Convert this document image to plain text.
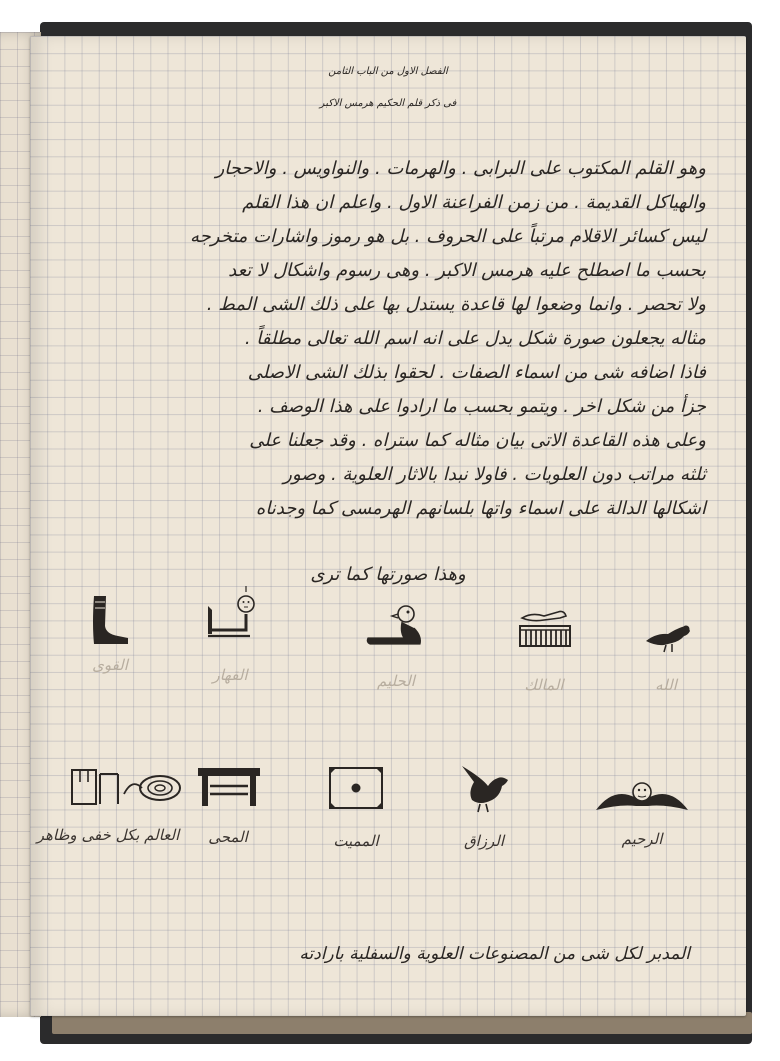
الفصل الاول من الباب الثامن
فى ذكر قلم الحكيم هرمس الاكبر
وهو القلم المكتوب على البرابى . والهرمات . والنواويس . والاحجار
والهياكل القديمة . من زمن الفراعنة الاول . واعلم ان هذا القلم
ليس كسائر الاقلام مرتباً على الحروف . بل هو رموز واشارات متخرجه
بحسب ما اصطلح عليه هرمس الاكبر . وهى رسوم واشكال لا تعد
ولا تحصر . وانما وضعوا لها قاعدة يستدل بها على ذلك الشى المط .
مثاله يجعلون صورة شكل يدل على انه اسم الله تعالى مطلقاً .
فاذا اضافه شى من اسماء الصفات . لحقوا بذلك الشى الاصلى
جزأ من شكل اخر . ويتمو بحسب ما ارادوا على هذا الوصف .
وعلى هذه القاعدة الاتى بيان مثاله كما ستراه . وقد جعلنا على
ثلثه مراتب دون العلويات . فاولا نبدا بالاثار العلوية . وصور
اشكالها الدالة على اسماء واتها بلسانهم الهرمسى كما وجدناه
وهذا صورتها كما ترى
الله
المالك
الحليم
القهار
القوى
الرحيم
الرزاق
المميت
المحى
العالم بكل خفى وظاهر
المدبر لكل شى من المصنوعات العلوية والسفلية بارادته
